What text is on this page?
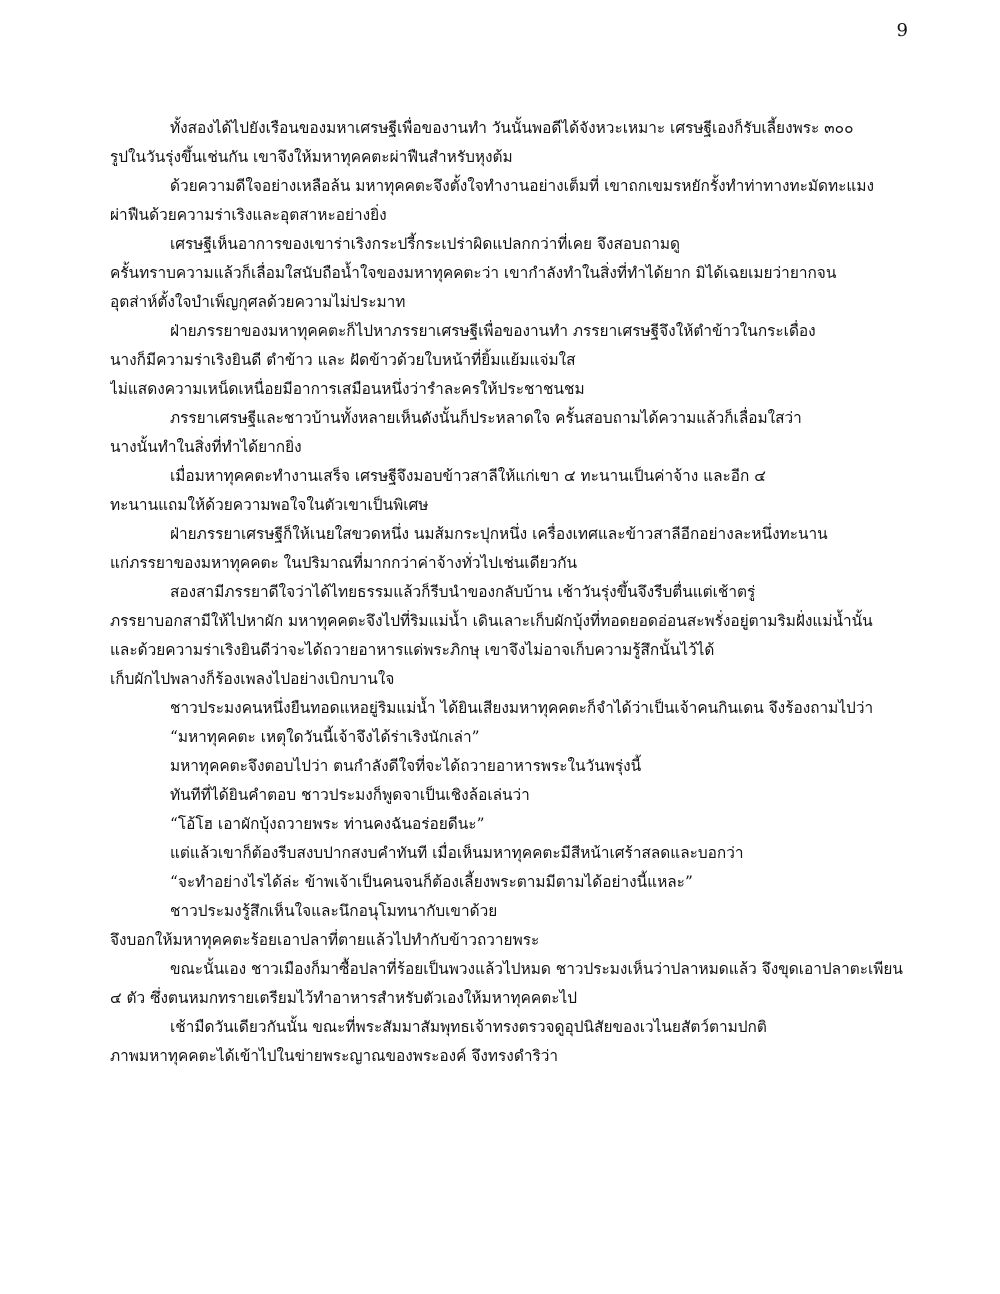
9
ทั้งสองได้ไปยังเรือนของมหาเศรษฐีเพื่อของานทำ วันนั้นพอดีได้จังหวะเหมาะ เศรษฐีเองก็รับเลี้ยงพระ ๓๐๐
รูปในวันรุ่งขึ้นเช่นกัน เขาจึงให้มหาทุคคตะผ่าฟืนสำหรับหุงต้ม
ด้วยความดีใจอย่างเหลือล้น มหาทุคคตะจึงตั้งใจทำงานอย่างเต็มที่ เขาถกเขมรหยักรั้งทำท่าทางทะมัดทะแมง
ผ่าฟืนด้วยความร่าเริงและอุตสาหะอย่างยิ่ง
เศรษฐีเห็นอาการของเขาร่าเริงกระปรี้กระเปร่าผิดแปลกกว่าที่เคย จึงสอบถามดู
ครั้นทราบความแล้วก็เลื่อมใสนับถือน้ำใจของมหาทุคคตะว่า เขากำลังทำในสิ่งที่ทำได้ยาก มิได้เฉยเมยว่ายากจน
อุตส่าห์ตั้งใจบำเพ็ญกุศลด้วยความไม่ประมาท
ฝ่ายภรรยาของมหาทุคคตะก็ไปหาภรรยาเศรษฐีเพื่อของานทำ ภรรยาเศรษฐีจึงให้ตำข้าวในกระเดื่อง
นางก็มีความร่าเริงยินดี ตำข้าว และ ฝัดข้าวด้วยใบหน้าที่ยิ้มแย้มแจ่มใส
ไม่แสดงความเหน็ดเหนื่อยมีอาการเสมือนหนึ่งว่ารำละครให้ประชาชนชม
ภรรยาเศรษฐีและชาวบ้านทั้งหลายเห็นดังนั้นก็ประหลาดใจ ครั้นสอบถามได้ความแล้วก็เลื่อมใสว่า
นางนั้นทำในสิ่งที่ทำได้ยากยิ่ง
เมื่อมหาทุคคตะทำงานเสร็จ เศรษฐีจึงมอบข้าวสาลีให้แก่เขา ๔ ทะนานเป็นค่าจ้าง และอีก ๔
ทะนานแถมให้ด้วยความพอใจในตัวเขาเป็นพิเศษ
ฝ่ายภรรยาเศรษฐีก็ให้เนยใสขวดหนึ่ง นมส้มกระปุกหนึ่ง เครื่องเทศและข้าวสาลีอีกอย่างละหนึ่งทะนาน
แก่ภรรยาของมหาทุคคตะ ในปริมาณที่มากกว่าค่าจ้างทั่วไปเช่นเดียวกัน
สองสามีภรรยาดีใจว่าได้ไทยธรรมแล้วก็รีบนำของกลับบ้าน เช้าวันรุ่งขึ้นจึงรีบตื่นแต่เช้าตรู่
ภรรยาบอกสามีให้ไปหาผัก มหาทุคคตะจึงไปที่ริมแม่น้ำ เดินเลาะเก็บผักบุ้งที่ทอดยอดอ่อนสะพรั่งอยู่ตามริมฝั่งแม่น้ำนั้น
และด้วยความร่าเริงยินดีว่าจะได้ถวายอาหารแด่พระภิกษุ เขาจึงไม่อาจเก็บความรู้สึกนั้นไว้ได้
เก็บผักไปพลางก็ร้องเพลงไปอย่างเบิกบานใจ
ชาวประมงคนหนึ่งยืนทอดแหอยู่ริมแม่น้ำ ได้ยินเสียงมหาทุคคตะก็จำได้ว่าเป็นเจ้าคนกินเดน จึงร้องถามไปว่า
“มหาทุคคตะ เหตุใดวันนี้เจ้าจึงได้ร่าเริงนักเล่า”
มหาทุคคตะจึงตอบไปว่า ตนกำลังดีใจที่จะได้ถวายอาหารพระในวันพรุ่งนี้
ทันทีที่ได้ยินคำตอบ ชาวประมงก็พูดจาเป็นเชิงล้อเล่นว่า
“โอ้โฮ เอาผักบุ้งถวายพระ ท่านคงฉันอร่อยดีนะ”
แต่แล้วเขาก็ต้องรีบสงบปากสงบคำทันที เมื่อเห็นมหาทุคคตะมีสีหน้าเศร้าสลดและบอกว่า
“จะทำอย่างไรได้ล่ะ ข้าพเจ้าเป็นคนจนก็ต้องเลี้ยงพระตามมีตามได้อย่างนี้แหละ”
ชาวประมงรู้สึกเห็นใจและนึกอนุโมทนากับเขาด้วย
จึงบอกให้มหาทุคคตะร้อยเอาปลาที่ตายแล้วไปทำกับข้าวถวายพระ
ขณะนั้นเอง ชาวเมืองก็มาซื้อปลาที่ร้อยเป็นพวงแล้วไปหมด ชาวประมงเห็นว่าปลาหมดแล้ว จึงขุดเอาปลาตะเพียน
๔ ตัว ซึ่งตนหมกทรายเตรียมไว้ทำอาหารสำหรับตัวเองให้มหาทุคคตะไป
เช้ามืดวันเดียวกันนั้น ขณะที่พระสัมมาสัมพุทธเจ้าทรงตรวจดูอุปนิสัยของเวไนยสัตว์ตามปกติ
ภาพมหาทุคคตะได้เข้าไปในข่ายพระญาณของพระองค์ จึงทรงดำริว่า
